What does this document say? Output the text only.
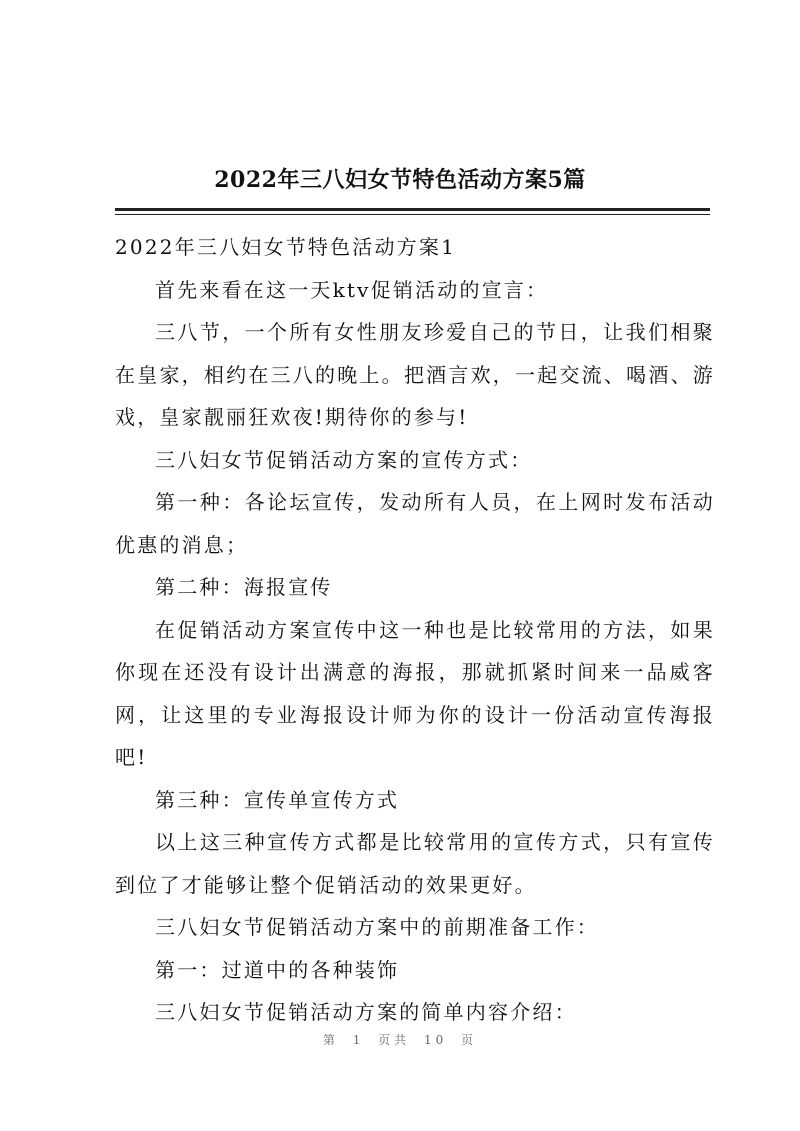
2022年三八妇女节特色活动方案5篇

2022年三八妇女节特色活动方案1

首先来看在这一天ktv促销活动的宣言：

三八节，一个所有女性朋友珍爱自己的节日，让我们相聚在皇家，相约在三八的晚上。把酒言欢，一起交流、喝酒、游戏，皇家靓丽狂欢夜!期待你的参与!

三八妇女节促销活动方案的宣传方式：

第一种：各论坛宣传，发动所有人员，在上网时发布活动优惠的消息；

第二种：海报宣传

在促销活动方案宣传中这一种也是比较常用的方法，如果你现在还没有设计出满意的海报，那就抓紧时间来一品威客网，让这里的专业海报设计师为你的设计一份活动宣传海报吧!

第三种：宣传单宣传方式

以上这三种宣传方式都是比较常用的宣传方式，只有宣传到位了才能够让整个促销活动的效果更好。

三八妇女节促销活动方案中的前期准备工作：

第一：过道中的各种装饰

三八妇女节促销活动方案的简单内容介绍：

第 1 页共 10 页
